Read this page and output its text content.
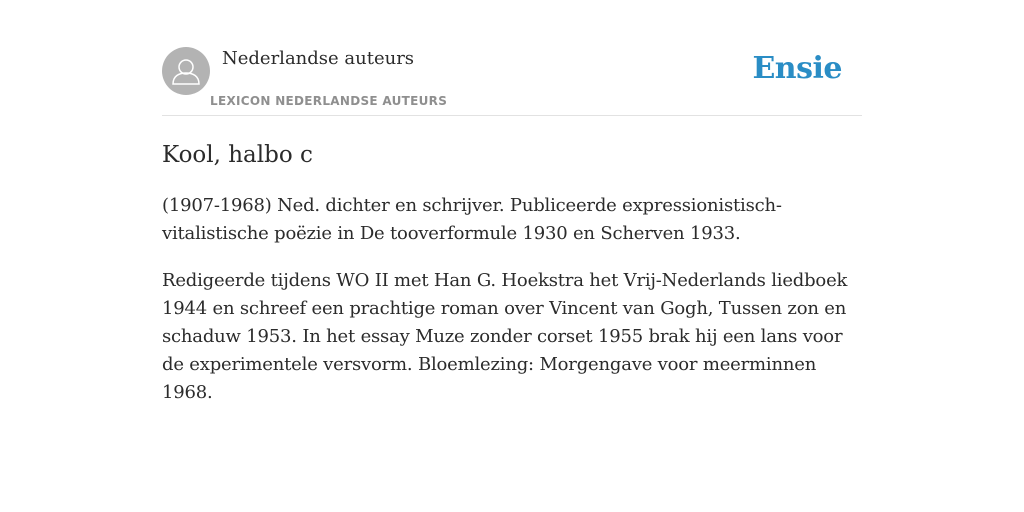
Nederlandse auteurs
LEXICON NEDERLANDSE AUTEURS
Ensie
Kool, halbo c

(1907-1968) Ned. dichter en schrijver. Publiceerde expressionistisch-vitalistische poëzie in De tooverformule 1930 en Scherven 1933.

Redigeerde tijdens WO II met Han G. Hoekstra het Vrij-Nederlands liedboek 1944 en schreef een prachtige roman over Vincent van Gogh, Tussen zon en schaduw 1953. In het essay Muze zonder corset 1955 brak hij een lans voor de experimentele versvorm. Bloemlezing: Morgengave voor meerminnen 1968.
